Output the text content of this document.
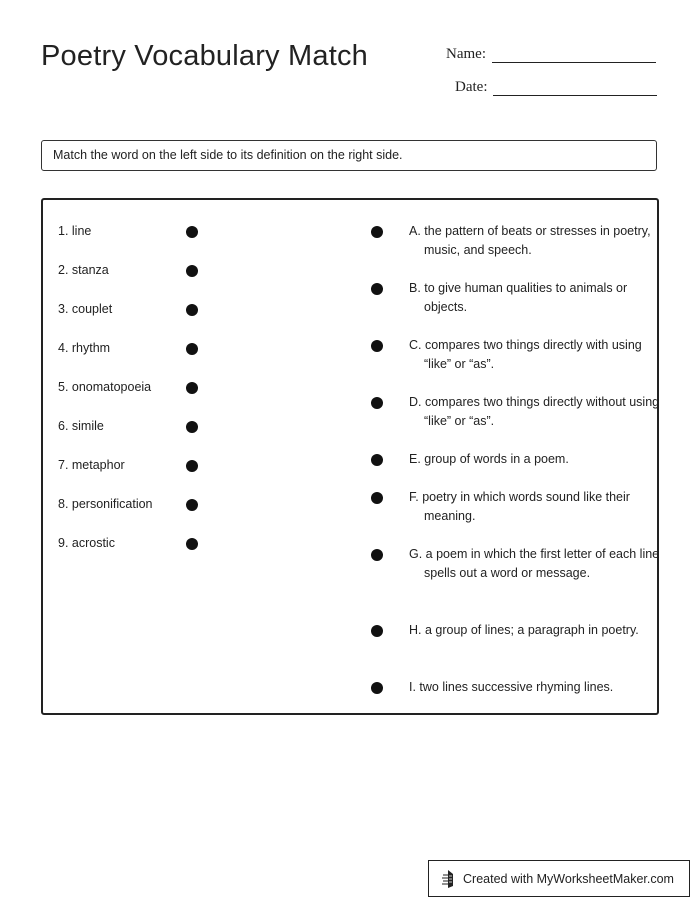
Poetry Vocabulary Match	Name:
Date:
Match the word on the left side to its definition on the right side.
1. line
2. stanza
3. couplet
4. rhythm
5. onomatopoeia
6. simile
7. metaphor
8. personification
9. acrostic
A. the pattern of beats or stresses in poetry, music, and speech.
B. to give human qualities to animals or objects.
C. compares two things directly with using “like” or “as”.
D. compares two things directly without using “like” or “as”.
E. group of words in a poem.
F. poetry in which words sound like their meaning.
G. a poem in which the first letter of each line spells out a word or message.
H. a group of lines; a paragraph in poetry.
I. two lines successive rhyming lines.
Created with MyWorksheetMaker.com
